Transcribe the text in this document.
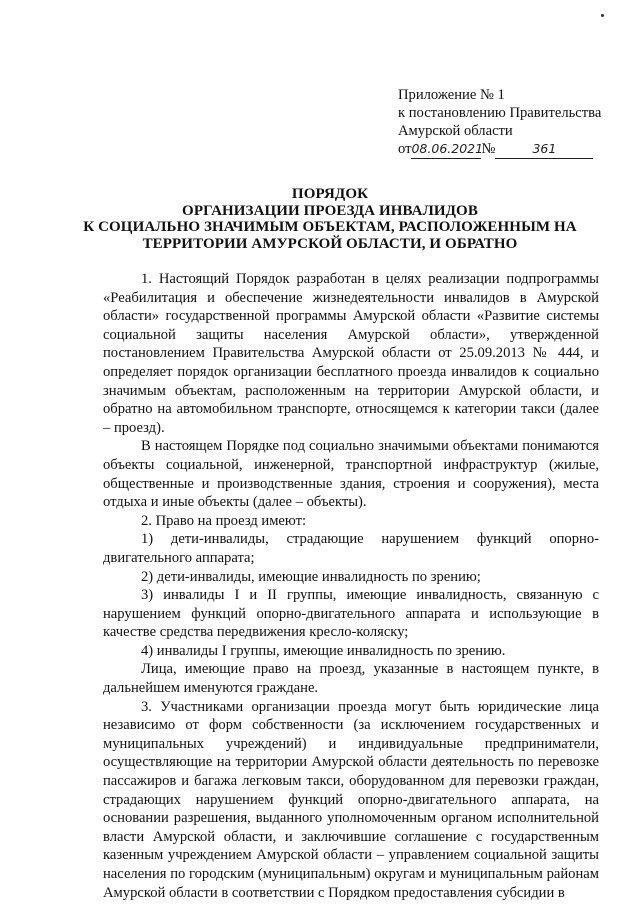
Приложение № 1
к постановлению Правительства
Амурской области
от08.06.2021№	361
ПОРЯДОК
ОРГАНИЗАЦИИ ПРОЕЗДА ИНВАЛИДОВ
К СОЦИАЛЬНО ЗНАЧИМЫМ ОБЪЕКТАМ, РАСПОЛОЖЕННЫМ НА
ТЕРРИТОРИИ АМУРСКОЙ ОБЛАСТИ, И ОБРАТНО

1. Настоящий Порядок разработан в целях реализации подпрограммы «Реабилитация и обеспечение жизнедеятельности инвалидов в Амурской области» государственной программы Амурской области «Развитие системы социальной защиты населения Амурской области», утвержденной постановлением Правительства Амурской области от 25.09.2013 № 444, и определяет порядок организации бесплатного проезда инвалидов к социально значимым объектам, расположенным на территории Амурской области, и обратно на автомобильном транспорте, относящемся к категории такси (далее – проезд).

В настоящем Порядке под социально значимыми объектами понимаются объекты социальной, инженерной, транспортной инфраструктур (жилые, общественные и производственные здания, строения и сооружения), места отдыха и иные объекты (далее – объекты).

2. Право на проезд имеют:

1) дети-инвалиды, страдающие нарушением функций опорно-двигательного аппарата;

2) дети-инвалиды, имеющие инвалидность по зрению;

3) инвалиды I и II группы, имеющие инвалидность, связанную с нарушением функций опорно-двигательного аппарата и использующие в качестве средства передвижения кресло-коляску;

4) инвалиды I группы, имеющие инвалидность по зрению.

Лица, имеющие право на проезд, указанные в настоящем пункте, в дальнейшем именуются граждане.

3. Участниками организации проезда могут быть юридические лица независимо от форм собственности (за исключением государственных и муниципальных учреждений) и индивидуальные предприниматели, осуществляющие на территории Амурской области деятельность по перевозке пассажиров и багажа легковым такси, оборудованном для перевозки граждан, страдающих нарушением функций опорно-двигательного аппарата, на основании разрешения, выданного уполномоченным органом исполнительной власти Амурской области, и заключившие соглашение с государственным казенным учреждением Амурской области – управлением социальной защиты населения по городским (муниципальным) округам и муниципальным районам Амурской области в соответствии с Порядком предоставления субсидии в
